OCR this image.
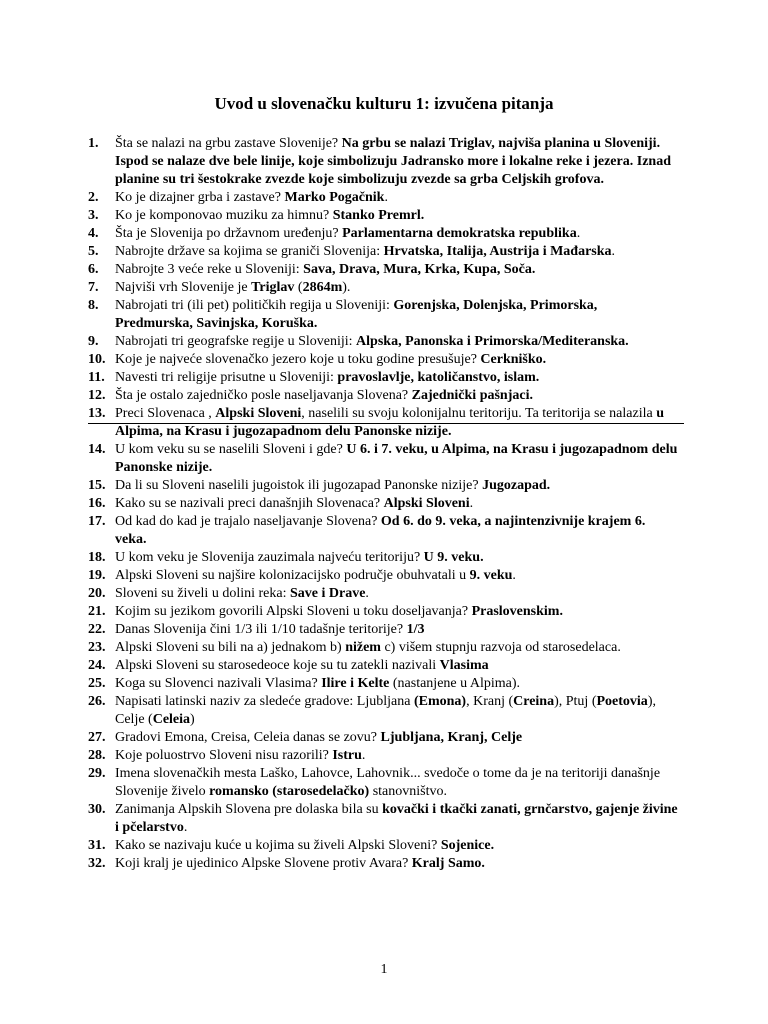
Uvod u slovenačku kulturu 1: izvučena pitanja
1.	Šta se nalazi na grbu zastave Slovenije? Na grbu se nalazi Triglav, najviša planina u Sloveniji. Ispod se nalaze dve bele linije, koje simbolizuju Jadransko more i lokalne reke i jezera. Iznad planine su tri šestokrake zvezde koje simbolizuju zvezde sa grba Celjskih grofova.
2.	Ko je dizajner grba i zastave? Marko Pogačnik.
3.	Ko je komponovao muziku za himnu? Stanko Premrl.
4.	Šta je Slovenija po državnom uređenju? Parlamentarna demokratska republika.
5.	Nabrojte države sa kojima se graniči Slovenija: Hrvatska, Italija, Austrija i Mađarska.
6.	Nabrojte 3 veće reke u Sloveniji: Sava, Drava, Mura, Krka, Kupa, Soča.
7.	Najviši vrh Slovenije je Triglav (2864m).
8.	Nabrojati tri (ili pet) političkih regija u Sloveniji: Gorenjska, Dolenjska, Primorska, Predmurska, Savinjska, Koruška.
9.	Nabrojati tri geografske regije u Sloveniji: Alpska, Panonska i Primorska/Mediteranska.
10. Koje je najveće slovenačko jezero koje u toku godine presušuje? Cerkniško.
11. Navesti tri religije prisutne u Sloveniji: pravoslavlje, katoličanstvo, islam.
12. Šta je ostalo zajedničko posle naseljavanja Slovena? Zajednički pašnjaci.
13. Preci Slovenaca , Alpski Sloveni, naselili su svoju kolonijalnu teritoriju. Ta teritorija se nalazila u Alpima, na Krasu i jugozapadnom delu Panonske nizije.
14. U kom veku su se naselili Sloveni i gde? U 6. i 7. veku, u Alpima, na Krasu i jugozapadnom delu Panonske nizije.
15. Da li su Sloveni naselili jugoistok ili jugozapad Panonske nizije? Jugozapad.
16. Kako su se nazivali preci današnjih Slovenaca? Alpski Sloveni.
17. Od kad do kad je trajalo naseljavanje Slovena? Od 6. do 9. veka, a najintenzivnije krajem 6. veka.
18. U kom veku je Slovenija zauzimala najveću teritoriju? U 9. veku.
19. Alpski Sloveni su najšire kolonizacijsko područje obuhvatali u 9. veku.
20. Sloveni su živeli u dolini reka: Save i Drave.
21. Kojim su jezikom govorili Alpski Sloveni u toku doseljavanja? Praslovenskim.
22. Danas Slovenija čini 1/3 ili 1/10 tadašnje teritorije? 1/3
23. Alpski Sloveni su bili na a) jednakom b) nižem c) višem stupnju razvoja od starosedelaca.
24. Alpski Sloveni su starosedeoce koje su tu zatekli nazivali Vlasima
25. Koga su Slovenci nazivali Vlasima? Ilire i Kelte (nastanjene u Alpima).
26. Napisati latinski naziv za sledeće gradove: Ljubljana (Emona), Kranj (Creina), Ptuj (Poetovia), Celje (Celeia)
27. Gradovi Emona, Creisa, Celeia danas se zovu? Ljubljana, Kranj, Celje
28. Koje poluostrvo Sloveni nisu razorili? Istru.
29. Imena slovenačkih mesta Laško, Lahovce, Lahovnik... svedoče o tome da je na teritoriji današnje Slovenije živelo romansko (starosedelačko) stanovništvo.
30. Zanimanja Alpskih Slovena pre dolaska bila su kovački i tkački zanati, grnčarstvo, gajenje živine i pčelarstvo.
31. Kako se nazivaju kuće u kojima su živeli Alpski Sloveni? Sojenice.
32. Koji kralj je ujedinico Alpske Slovene protiv Avara? Kralj Samo.
1
